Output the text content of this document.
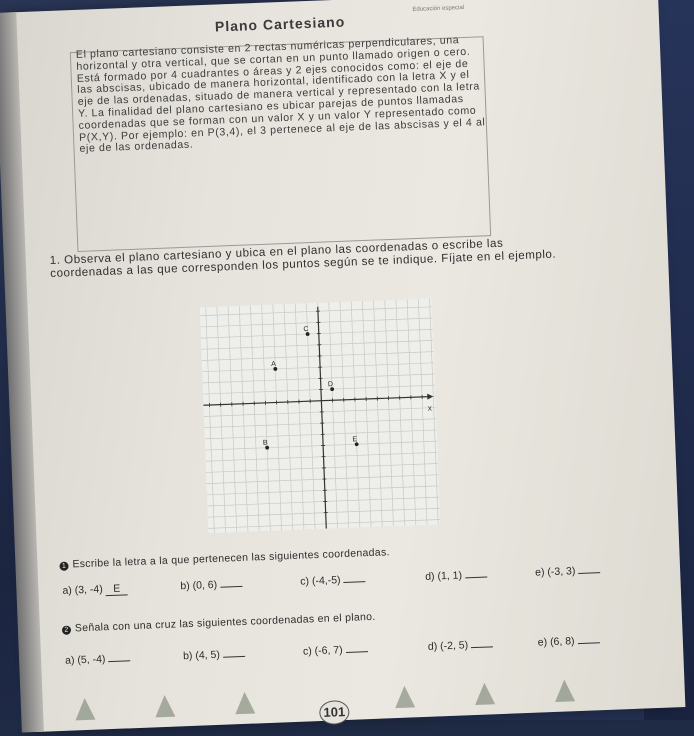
Plano Cartesiano
Educación especial
El plano cartesiano consiste en 2 rectas numéricas perpendiculares, una horizontal y otra vertical, que se cortan en un punto llamado origen o cero. Está formado por 4 cuadrantes o áreas y 2 ejes conocidos como: el eje de las abscisas, ubicado de manera horizontal, identificado con la letra X y el eje de las ordenadas, situado de manera vertical y representado con la letra Y. La finalidad del plano cartesiano es ubicar parejas de puntos llamadas coordenadas que se forman con un valor X y un valor Y representado como P(X,Y). Por ejemplo: en P(3,4), el 3 pertenece al eje de las abscisas y el 4 al eje de las ordenadas.
1. Observa el plano cartesiano y ubica en el plano las coordenadas o escribe las coordenadas a las que corresponden los puntos según se te indique. Fíjate en el ejemplo.
x
A
C
D
E
B
1 Escribe la letra a la que pertenecen las siguientes coordenadas.
a) (3, -4) E	b) (0, 6)	c) (-4,-5)	d) (1, 1)	e) (-3, 3)
2 Señala con una cruz las siguientes coordenadas en el plano.
a) (5, -4)	b) (4, 5)	c) (-6, 7)	d) (-2, 5)	e) (6, 8)
101
